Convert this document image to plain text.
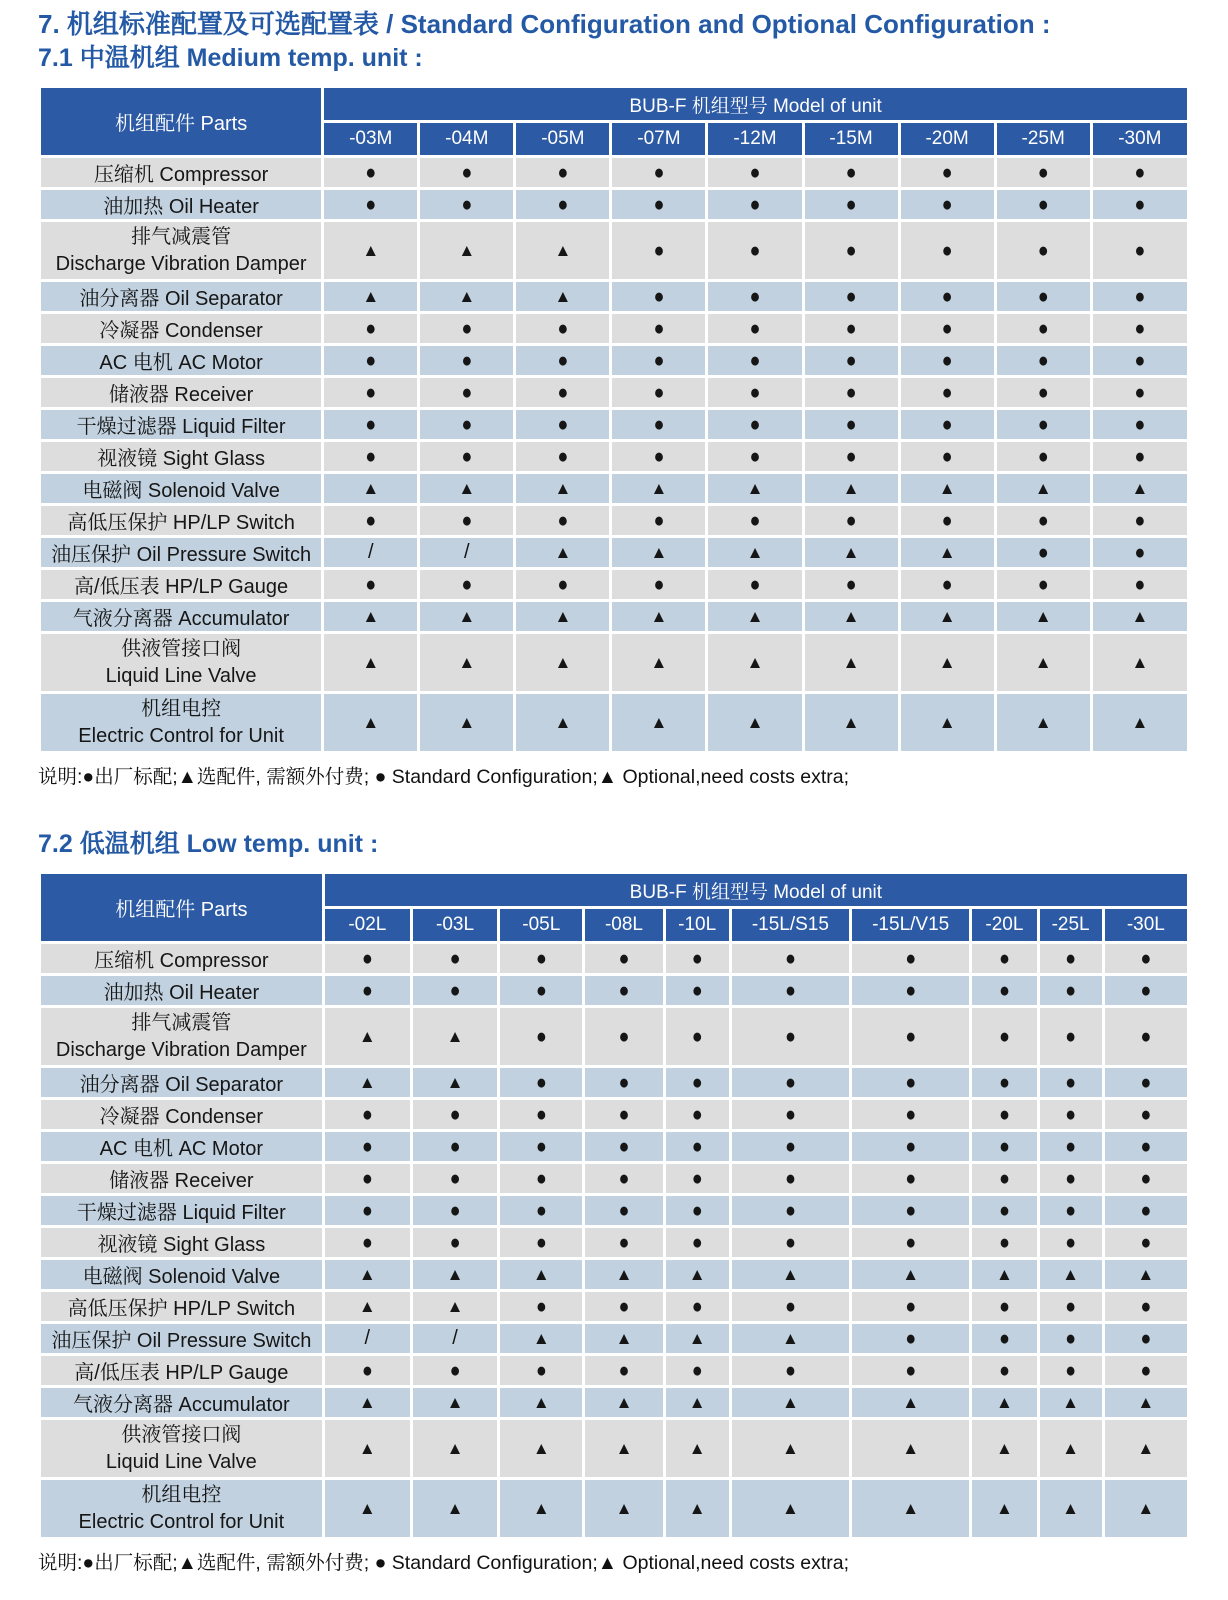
7. 机组标准配置及可选配置表 / Standard Configuration and Optional Configuration :
7.1 中温机组 Medium temp. unit :
机组配件 Parts	BUB-F 机组型号 Model of unit								
	-03M	-04M	-05M	-07M	-12M	-15M	-20M	-25M	-30M
压缩机 Compressor	●	●	●	●	●	●	●	●	●
油加热 Oil Heater	●	●	●	●	●	●	●	●	●

排气减震管
Discharge Vibration Damper	▲	▲	▲	●	●	●	●	●	●
油分离器 Oil Separator	▲	▲	▲	●	●	●	●	●	●
冷凝器 Condenser	●	●	●	●	●	●	●	●	●
AC 电机 AC Motor	●	●	●	●	●	●	●	●	●
储液器 Receiver	●	●	●	●	●	●	●	●	●
干燥过滤器 Liquid Filter	●	●	●	●	●	●	●	●	●
视液镜 Sight Glass	●	●	●	●	●	●	●	●	●
电磁阀 Solenoid Valve	▲	▲	▲	▲	▲	▲	▲	▲	▲
高低压保护 HP/LP Switch	●	●	●	●	●	●	●	●	●
油压保护 Oil Pressure Switch	/	/	▲	▲	▲	▲	▲	●	●
高/低压表 HP/LP Gauge	●	●	●	●	●	●	●	●	●
气液分离器 Accumulator	▲	▲	▲	▲	▲	▲	▲	▲	▲

供液管接口阀
Liquid Line Valve	▲	▲	▲	▲	▲	▲	▲	▲	▲

机组电控
Electric Control for Unit	▲	▲	▲	▲	▲	▲	▲	▲	▲

说明:●出厂标配;▲选配件, 需额外付费; ● Standard Configuration;▲ Optional,need costs extra;

7.2 低温机组 Low temp. unit :
机组配件 Parts	BUB-F 机组型号 Model of unit									
	-02L	-03L	-05L	-08L	-10L	-15L/S15	-15L/V15	-20L	-25L	-30L
压缩机 Compressor	●	●	●	●	●	●	●	●	●	●
油加热 Oil Heater	●	●	●	●	●	●	●	●	●	●

排气减震管
Discharge Vibration Damper	▲	▲	●	●	●	●	●	●	●	●
油分离器 Oil Separator	▲	▲	●	●	●	●	●	●	●	●
冷凝器 Condenser	●	●	●	●	●	●	●	●	●	●
AC 电机 AC Motor	●	●	●	●	●	●	●	●	●	●
储液器 Receiver	●	●	●	●	●	●	●	●	●	●
干燥过滤器 Liquid Filter	●	●	●	●	●	●	●	●	●	●
视液镜 Sight Glass	●	●	●	●	●	●	●	●	●	●
电磁阀 Solenoid Valve	▲	▲	▲	▲	▲	▲	▲	▲	▲	▲
高低压保护 HP/LP Switch	▲	▲	●	●	●	●	●	●	●	●
油压保护 Oil Pressure Switch	/	/	▲	▲	▲	▲	●	●	●	●
高/低压表 HP/LP Gauge	●	●	●	●	●	●	●	●	●	●
气液分离器 Accumulator	▲	▲	▲	▲	▲	▲	▲	▲	▲	▲

供液管接口阀
Liquid Line Valve	▲	▲	▲	▲	▲	▲	▲	▲	▲	▲

机组电控
Electric Control for Unit	▲	▲	▲	▲	▲	▲	▲	▲	▲	▲

说明:●出厂标配;▲选配件, 需额外付费; ● Standard Configuration;▲ Optional,need costs extra;
